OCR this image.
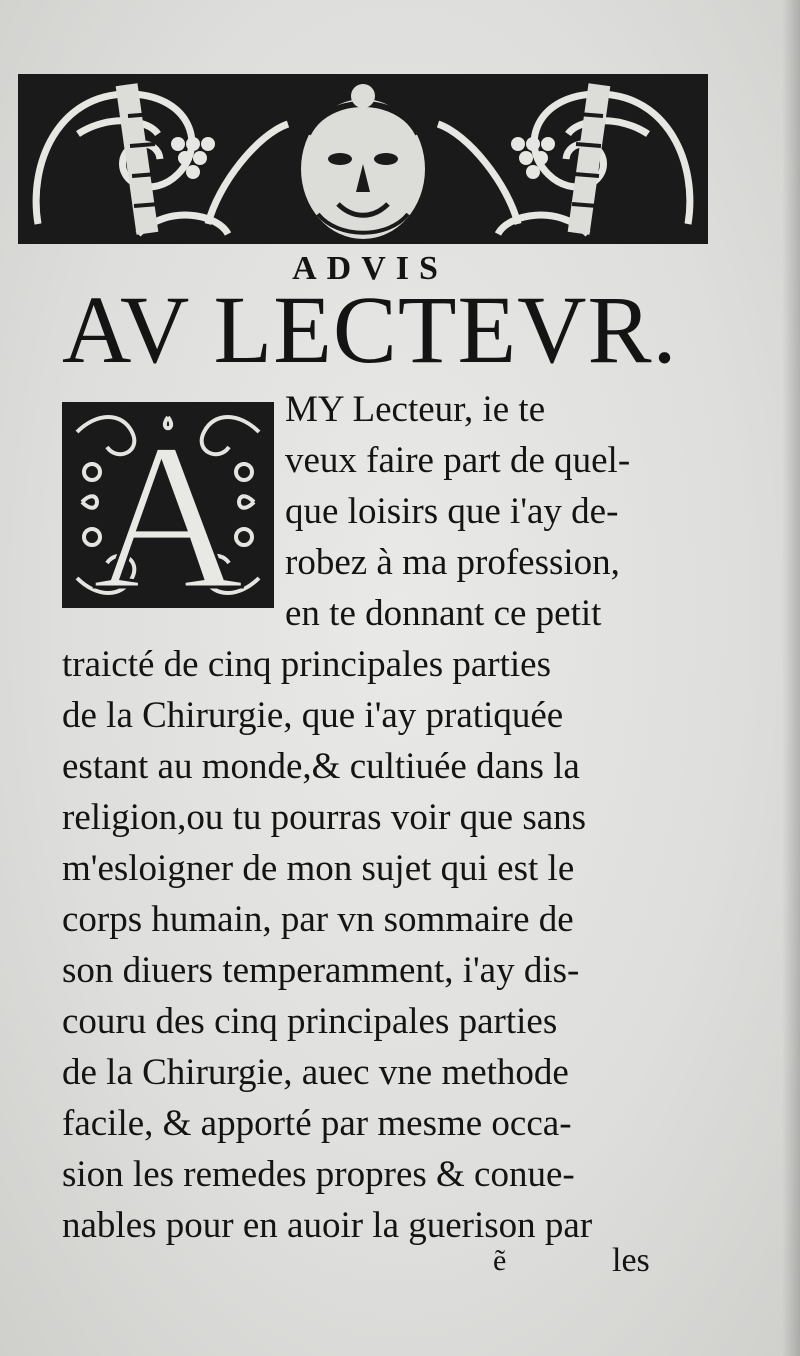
ADVIS
AV LECTEVR.
A MY Lecteur, ie te
veux faire part de quel-
que loisirs que i'ay de-
robez à ma profession,
en te donnant ce petit
traicté de cinq principales parties
de la Chirurgie, que i'ay pratiquée
estant au monde,& cultiuée dans la
religion,ou tu pourras voir que sans
m'esloigner de mon sujet qui est le
corps humain, par vn sommaire de
son diuers temperamment, i'ay dis-
couru des cinq principales parties
de la Chirurgie, auec vne methode
facile, & apporté par mesme occa-
sion les remedes propres & conue-
nables pour en auoir la guerison par
ẽ	les
